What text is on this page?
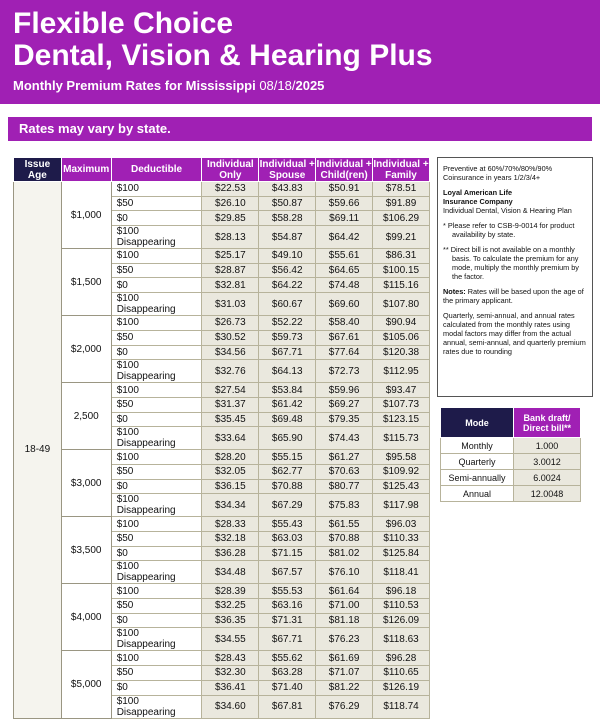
Flexible Choice
Dental, Vision & Hearing Plus
Monthly Premium Rates for Mississippi 08/18/2025
Rates may vary by state.
Issue Age	Maximum	Deductible	Individual Only	Individual + Spouse	Individual + Child(ren)	Individual + Family
18-49	$1,000	$100	$22.53	$43.83	$50.91	$78.51
		$50	$26.10	$50.87	$59.66	$91.89
		$0	$29.85	$58.28	$69.11	$106.29
		$100 Disappearing	$28.13	$54.87	$64.42	$99.21
	$1,500	$100	$25.17	$49.10	$55.61	$86.31
		$50	$28.87	$56.42	$64.65	$100.15
		$0	$32.81	$64.22	$74.48	$115.16
		$100 Disappearing	$31.03	$60.67	$69.60	$107.80
	$2,000	$100	$26.73	$52.22	$58.40	$90.94
		$50	$30.52	$59.73	$67.61	$105.06
		$0	$34.56	$67.71	$77.64	$120.38
		$100 Disappearing	$32.76	$64.13	$72.73	$112.95
	2,500	$100	$27.54	$53.84	$59.96	$93.47
		$50	$31.37	$61.42	$69.27	$107.73
		$0	$35.45	$69.48	$79.35	$123.15
		$100 Disappearing	$33.64	$65.90	$74.43	$115.73
	$3,000	$100	$28.20	$55.15	$61.27	$95.58
		$50	$32.05	$62.77	$70.63	$109.92
		$0	$36.15	$70.88	$80.77	$125.43
		$100 Disappearing	$34.34	$67.29	$75.83	$117.98
	$3,500	$100	$28.33	$55.43	$61.55	$96.03
		$50	$32.18	$63.03	$70.88	$110.33
		$0	$36.28	$71.15	$81.02	$125.84
		$100 Disappearing	$34.48	$67.57	$76.10	$118.41
	$4,000	$100	$28.39	$55.53	$61.64	$96.18
		$50	$32.25	$63.16	$71.00	$110.53
		$0	$36.35	$71.31	$81.18	$126.09
		$100 Disappearing	$34.55	$67.71	$76.23	$118.63
	$5,000	$100	$28.43	$55.62	$61.69	$96.28
		$50	$32.30	$63.28	$71.07	$110.65
		$0	$36.41	$71.40	$81.22	$126.19
		$100 Disappearing	$34.60	$67.81	$76.29	$118.74

Preventive at 60%/70%/80%/90%
Coinsurance in years 1/2/3/4+

Loyal American Life
Insurance Company
Individual Dental, Vision & Hearing Plan

* Please refer to CSB-9-0014 for product availability by state.

** Direct bill is not available on a monthly basis. To calculate the premium for any mode, multiply the monthly premium by the factor.

Notes: Rates will be based upon the age of the primary applicant.

Quarterly, semi-annual, and annual rates calculated from the monthly rates using modal factors may differ from the actual annual, semi-annual, and quarterly premium rates due to rounding

Mode	Bank draft/ Direct bill**
Monthly	1.000
Quarterly	3.0012
Semi-annually	6.0024
Annual	12.0048
